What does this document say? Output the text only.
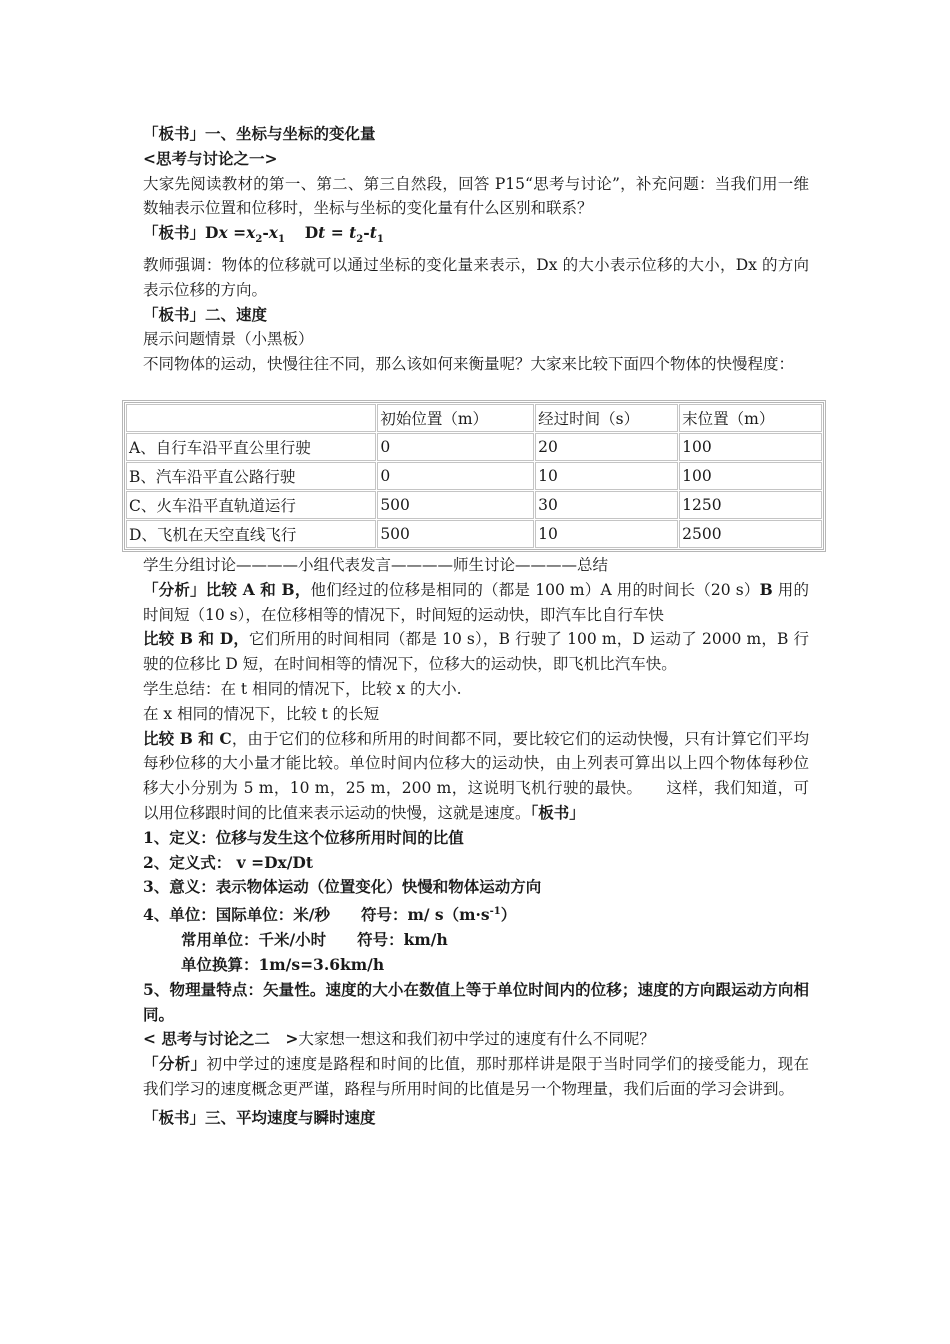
「板书」一、坐标与坐标的变化量
<思考与讨论之一>
大家先阅读教材的第一、第二、第三自然段，回答 P15“思考与讨论”，补充问题：当我们用一维数轴表示位置和位移时，坐标与坐标的变化量有什么区别和联系？
「板书」$Dx =x_2-x_1$ $Dt = t_2-t_1$
教师强调：物体的位移就可以通过坐标的变化量来表示，Dx 的大小表示位移的大小，Dx 的方向表示位移的方向。
「板书」二、速度
展示问题情景（小黑板）
不同物体的运动，快慢往往不同，那么该如何来衡量呢？大家来比较下面四个物体的快慢程度：
	初始位置（m）	经过时间（s）	末位置（m）
A、自行车沿平直公里行驶	0	20	100
B、汽车沿平直公路行驶	0	10	100
C、火车沿平直轨道运行	500	30	1250
D、飞机在天空直线飞行	500	10	2500
学生分组讨论————小组代表发言————师生讨论————总结
「分析」比较 A 和 B，他们经过的位移是相同的（都是 100 m）A 用的时间长（20 s）B 用的时间短（10 s），在位移相等的情况下，时间短的运动快，即汽车比自行车快
比较 B 和 D，它们所用的时间相同（都是 10 s），B 行驶了 100 m，D 运动了 2000 m，B 行驶的位移比 D 短，在时间相等的情况下，位移大的运动快，即飞机比汽车快。
学生总结：在 t 相同的情况下，比较 x 的大小.
在 x 相同的情况下，比较 t 的长短
比较 B 和 C，由于它们的位移和所用的时间都不同，要比较它们的运动快慢，只有计算它们平均每秒位移的大小量才能比较。单位时间内位移大的运动快，由上列表可算出以上四个物体每秒位移大小分别为 5 m，10 m，25 m，200 m，这说明飞机行驶的最快。　　这样，我们知道，可以用位移跟时间的比值来表示运动的快慢，这就是速度。「板书」
1、定义：位移与发生这个位移所用时间的比值
2、定义式： v =Dx/Dt
3、意义：表示物体运动（位置变化）快慢和物体运动方向
4、单位：国际单位：米/秒　　符号：m/ $s(m\cdot s^{-1})$
常用单位：千米/小时　　符号：km/h
单位换算：1m/s=3.6km/h
5、物理量特点：矢量性。速度的大小在数值上等于单位时间内的位移；速度的方向跟运动方向相同。
< 思考与讨论之二　>大家想一想这和我们初中学过的速度有什么不同呢？
「分析」初中学过的速度是路程和时间的比值，那时那样讲是限于当时同学们的接受能力，现在我们学习的速度概念更严谨，路程与所用时间的比值是另一个物理量，我们后面的学习会讲到。
「板书」三、平均速度与瞬时速度
